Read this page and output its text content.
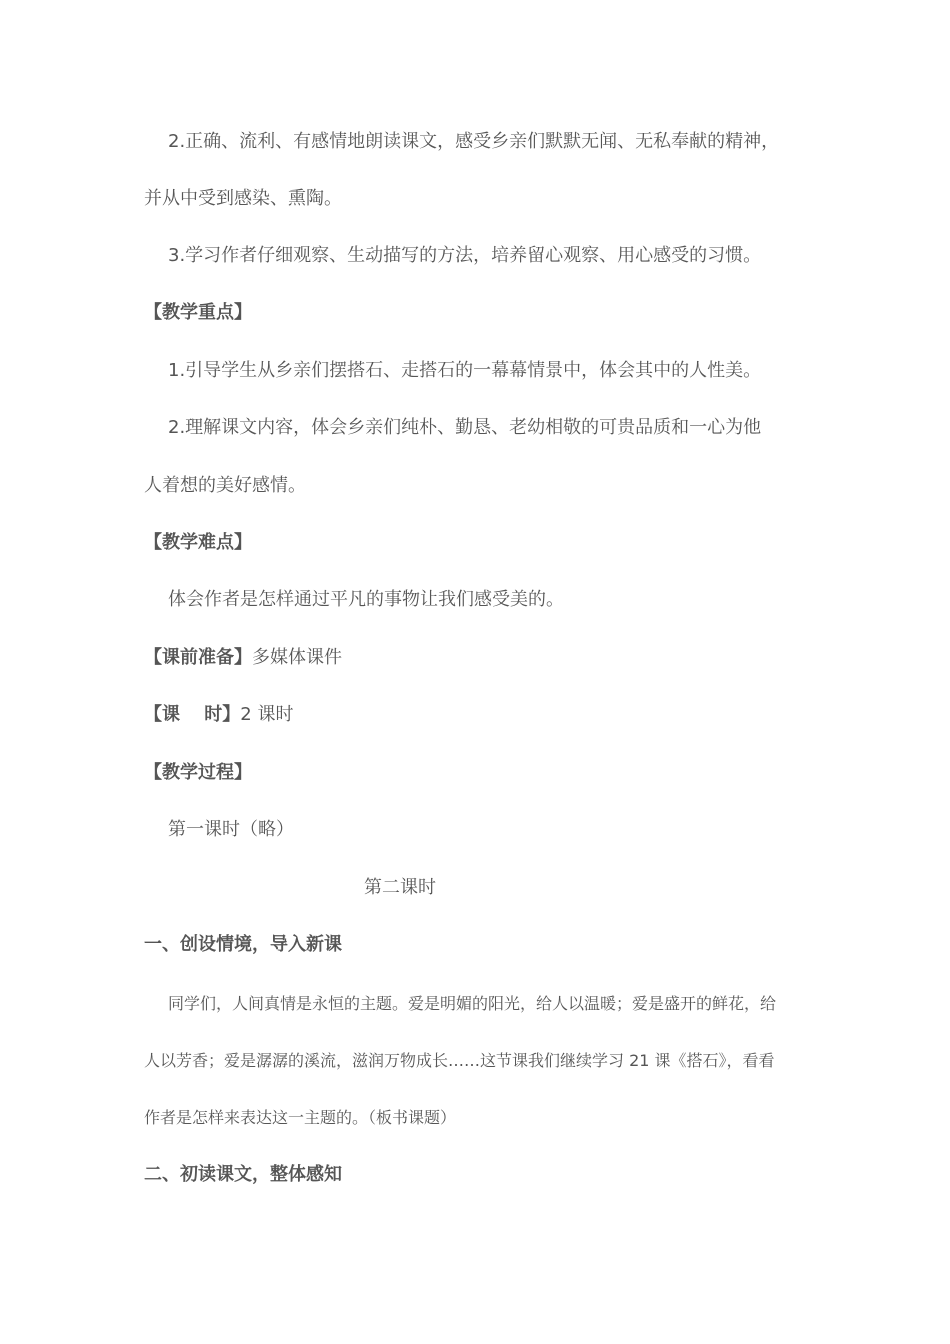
2.正确、流利、有感情地朗读课文，感受乡亲们默默无闻、无私奉献的精神，
并从中受到感染、熏陶。
3.学习作者仔细观察、生动描写的方法，培养留心观察、用心感受的习惯。
【教学重点】
1.引导学生从乡亲们摆搭石、走搭石的一幕幕情景中，体会其中的人性美。
2.理解课文内容，体会乡亲们纯朴、勤恳、老幼相敬的可贵品质和一心为他
人着想的美好感情。
【教学难点】
体会作者是怎样通过平凡的事物让我们感受美的。
【课前准备】多媒体课件
【课　 时】2 课时
【教学过程】
第一课时（略）
第二课时
一、创设情境，导入新课
同学们，人间真情是永恒的主题。爱是明媚的阳光，给人以温暖；爱是盛开的鲜花，给
人以芳香；爱是潺潺的溪流，滋润万物成长……这节课我们继续学习 21 课《搭石》，看看
作者是怎样来表达这一主题的。（板书课题）
二、初读课文，整体感知
